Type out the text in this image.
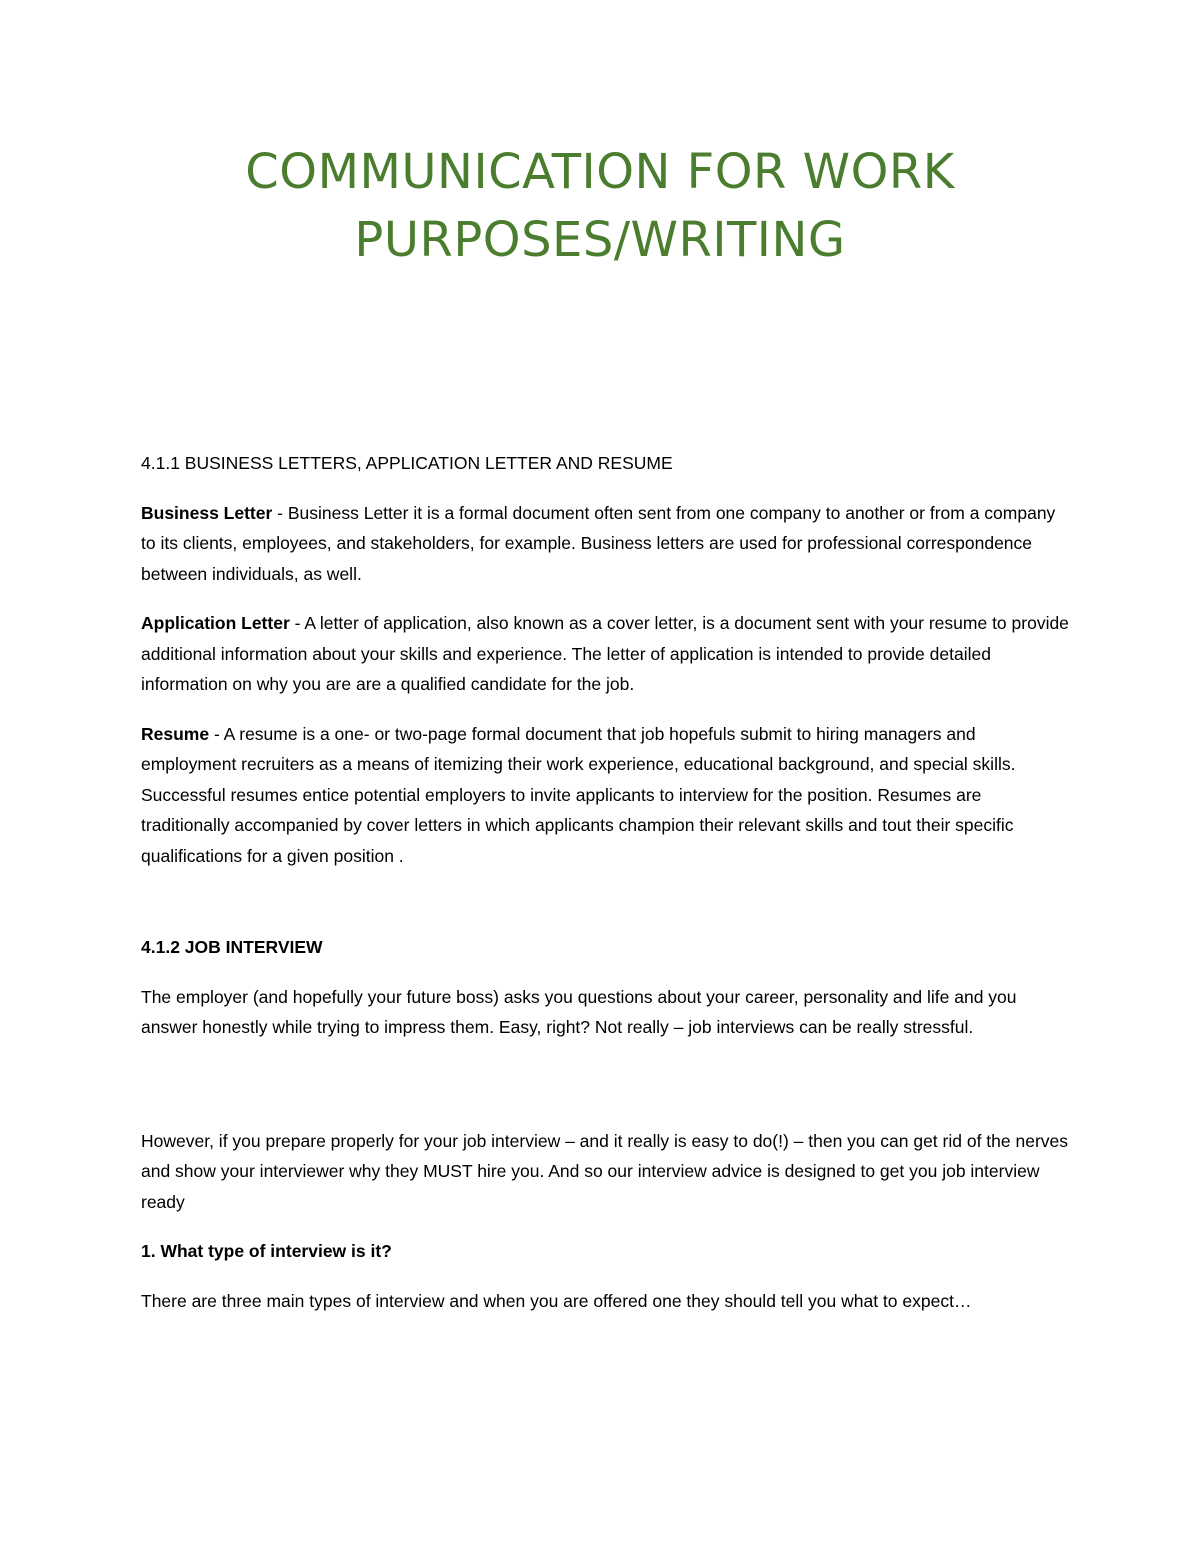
COMMUNICATION FOR WORK
PURPOSES/WRITING

4.1.1 BUSINESS LETTERS, APPLICATION LETTER AND RESUME

Business Letter - Business Letter it is a formal document often sent from one company to another or from a company to its clients, employees, and stakeholders, for example. Business letters are used for professional correspondence between individuals, as well.

Application Letter - A letter of application, also known as a cover letter, is a document sent with your resume to provide additional information about your skills and experience. The letter of application is intended to provide detailed information on why you are are a qualified candidate for the job.

Resume - A resume is a one- or two-page formal document that job hopefuls submit to hiring managers and employment recruiters as a means of itemizing their work experience, educational background, and special skills. Successful resumes entice potential employers to invite applicants to interview for the position. Resumes are traditionally accompanied by cover letters in which applicants champion their relevant skills and tout their specific qualifications for a given position .

4.1.2 JOB INTERVIEW

The employer (and hopefully your future boss) asks you questions about your career, personality and life and you answer honestly while trying to impress them. Easy, right? Not really – job interviews can be really stressful.

However, if you prepare properly for your job interview – and it really is easy to do(!) – then you can get rid of the nerves and show your interviewer why they MUST hire you. And so our interview advice is designed to get you job interview ready

1. What type of interview is it?

There are three main types of interview and when you are offered one they should tell you what to expect…
